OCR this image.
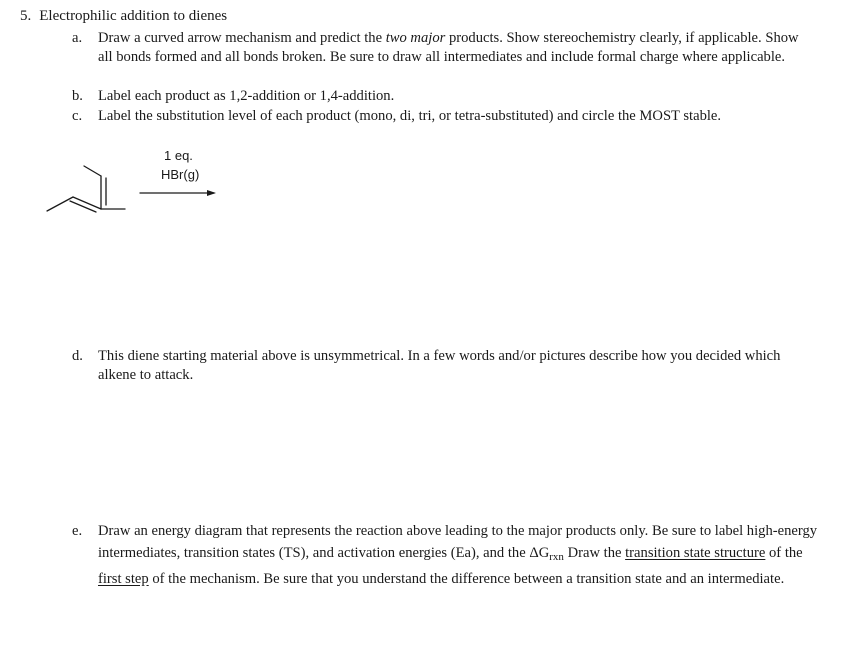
5. Electrophilic addition to dienes
a.	Draw a curved arrow mechanism and predict the two major products. Show stereochemistry clearly, if applicable. Show all bonds formed and all bonds broken. Be sure to draw all intermediates and include formal charge where applicable.
b.	Label each product as 1,2-addition or 1,4-addition.
c.	Label the substitution level of each product (mono, di, tri, or tetra-substituted) and circle the MOST stable.
1 eq.
HBr(g)
d.	This diene starting material above is unsymmetrical. In a few words and/or pictures describe how you decided which alkene to attack.
e.	Draw an energy diagram that represents the reaction above leading to the major products only. Be sure to label high-energy intermediates, transition states (TS), and activation energies (Ea), and the $\Delta G_{rxn}$ Draw the transition state structure of the first step of the mechanism. Be sure that you understand the difference between a transition state and an intermediate.
